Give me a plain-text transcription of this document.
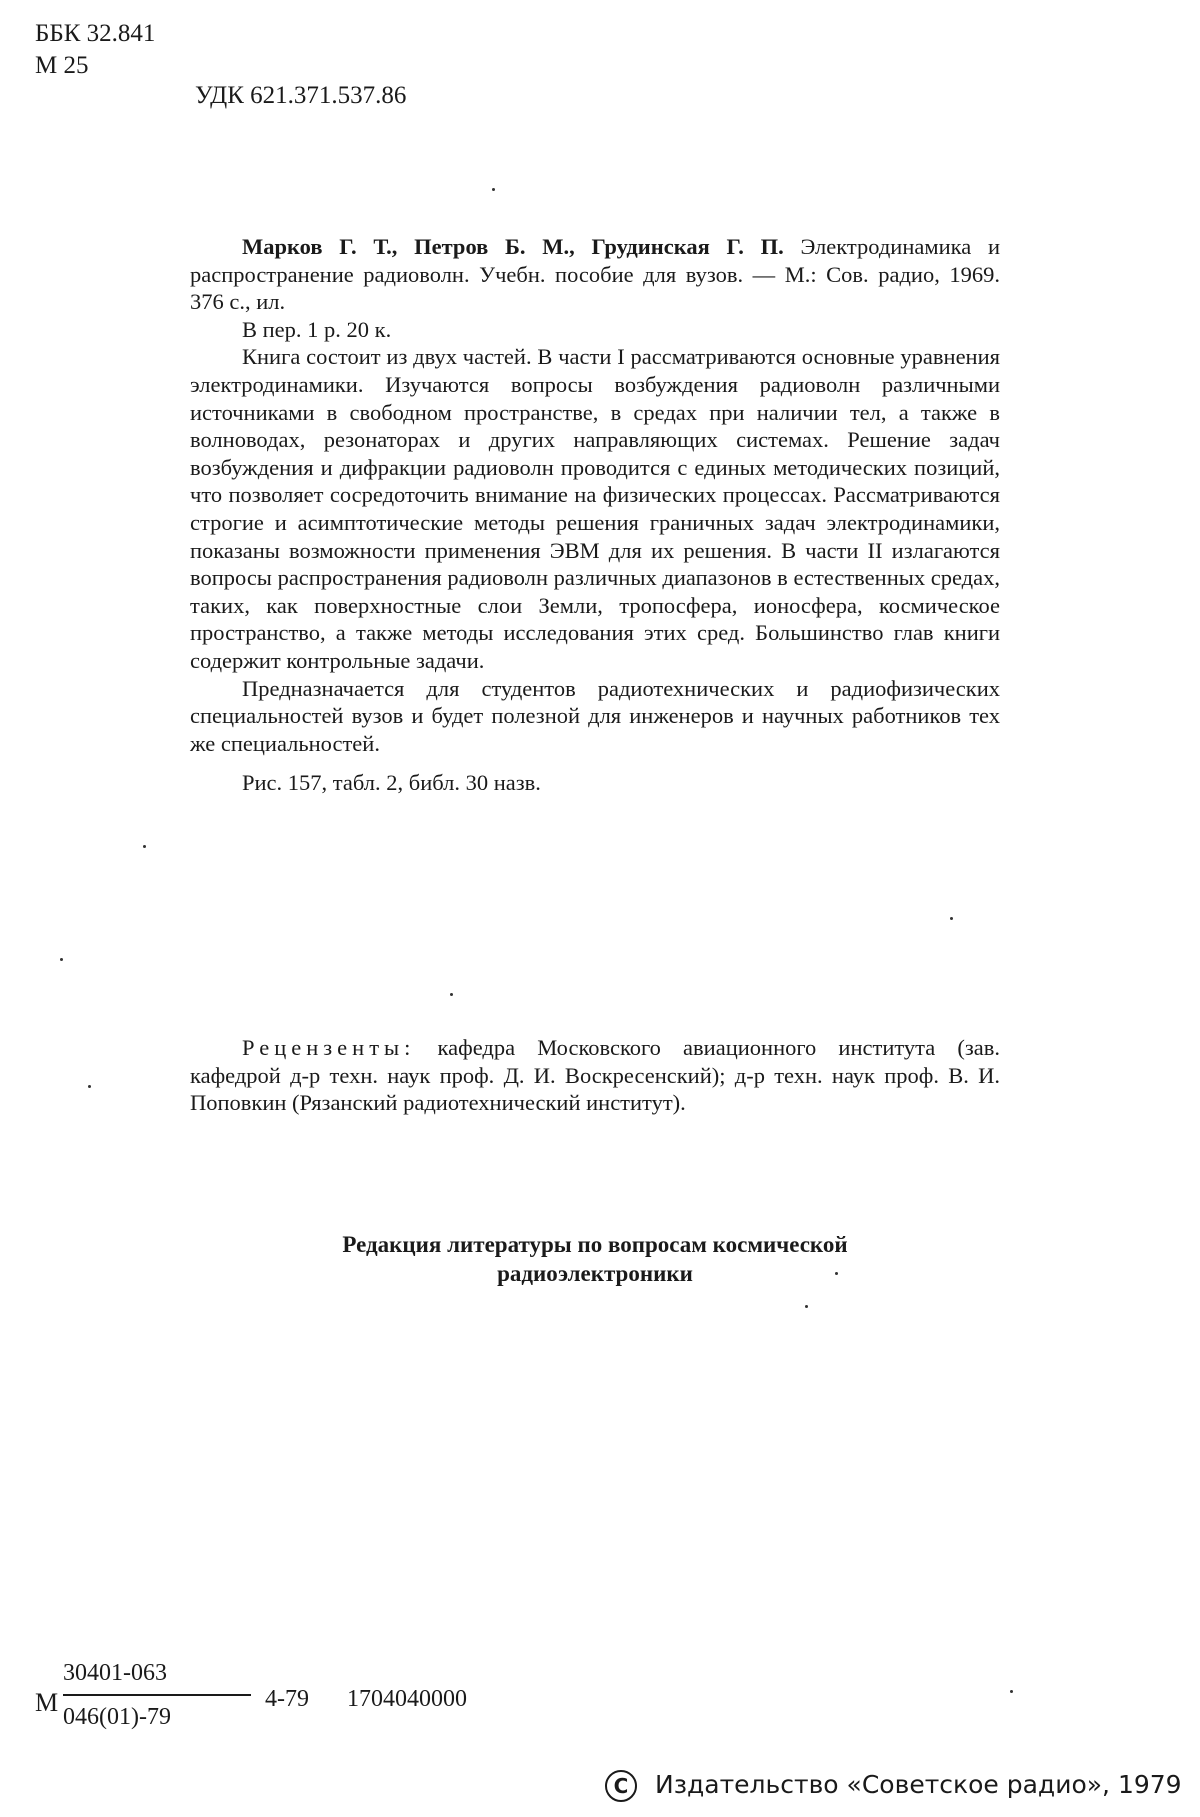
ББК 32.841
М 25
УДК 621.371.537.86

Марков Г. Т., Петров Б. М., Грудинская Г. П. Электродинамика и распространение радиоволн. Учебн. пособие для вузов. — М.: Сов. радио, 1969. 376 с., ил.

В пер. 1 р. 20 к.

Книга состоит из двух частей. В части I рассматриваются основные уравнения электродинамики. Изучаются вопросы возбуждения радиоволн различными источниками в свободном пространстве, в средах при наличии тел, а также в волноводах, резонаторах и других направляющих системах. Решение задач возбуждения и дифракции радиоволн проводится с единых методических позиций, что позволяет сосредоточить внимание на физических процессах. Рассматриваются строгие и асимптотические методы решения граничных задач электродинамики, показаны возможности применения ЭВМ для их решения. В части II излагаются вопросы распространения радиоволн различных диапазонов в естественных средах, таких, как поверхностные слои Земли, тропосфера, ионосфера, космическое пространство, а также методы исследования этих сред. Большинство глав книги содержит контрольные задачи.

Предназначается для студентов радиотехнических и радиофизических специальностей вузов и будет полезной для инженеров и научных работников тех же специальностей.

Рис. 157, табл. 2, библ. 30 назв.

Рецензенты: кафедра Московского авиационного института (зав. кафедрой д-р техн. наук проф. Д. И. Воскресенский); д-р техн. наук проф. В. И. Поповкин (Рязанский радиотехнический институт).

Редакция литературы по вопросам космической
радиоэлектроники
М
30401-063
046(01)-79
4-79 1704040000
C Издательство «Советское радио», 1979
